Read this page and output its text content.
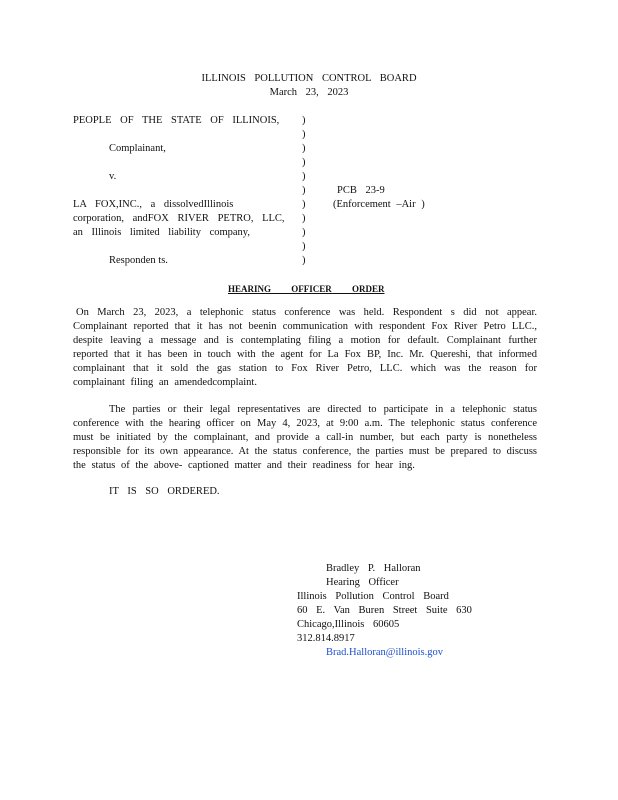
ILLINOIS POLLUTION CONTROL BOARD
March 23, 2023
PEOPLE OF THE STATE OF ILLINOIS,
Complainant,
v.
LA FOX,INC., a dissolvedIllinois
corporation, andFOX RIVER PETRO, LLC,
an Illinois limited liability company,
Responden ts.
)
)
)
)
)
)
)
)
)
)
)
PCB 23-9
(Enforcement –Air )
HEARING OFFICER ORDER
On March 23, 2023, a telephonic status conference was held. Respondent s did not appear. Complainant reported that it has not beenin communication with respondent Fox River Petro LLC., despite leaving a message and is contemplating filing a motion for default. Complainant further reported that it has been in touch with the agent for La Fox BP, Inc. Mr. Quereshi, that informed complainant that it sold the gas station to Fox River Petro, LLC. which was the reason for complainant filing an amendedcomplaint.
The parties or their legal representatives are directed to participate in a telephonic status conference with the hearing officer on May 4, 2023, at 9:00 a.m. The telephonic status conference must be initiated by the complainant, and provide a call-in number, but each party is nonetheless responsible for its own appearance. At the status conference, the parties must be prepared to discuss the status of the above- captioned matter and their readiness for hear ing.
IT IS SO ORDERED.
Bradley P. Halloran
Hearing Officer
Illinois Pollution Control Board
60 E. Van Buren Street Suite 630
Chicago,Illinois 60605
312.814.8917
Brad.Halloran@illinois.gov
